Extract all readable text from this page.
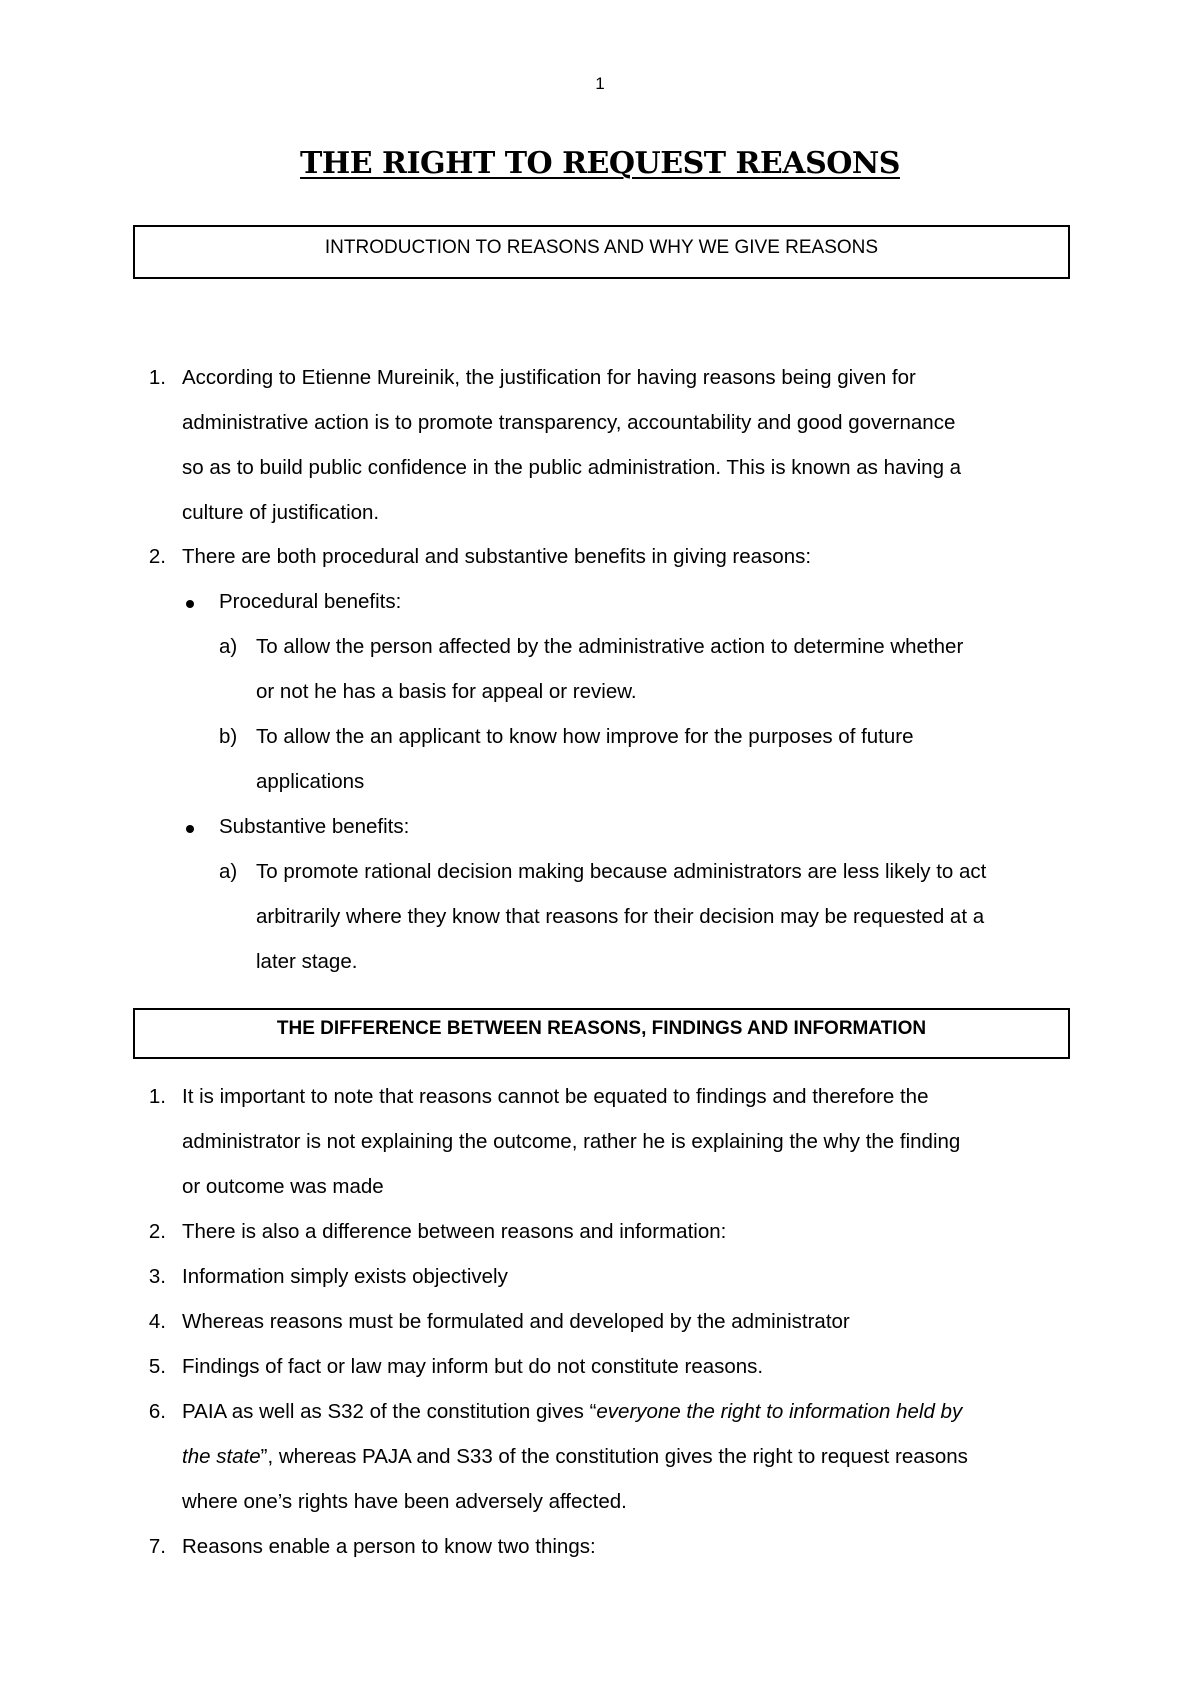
1
THE RIGHT TO REQUEST REASONS
INTRODUCTION TO REASONS AND WHY WE GIVE REASONS
1. According to Etienne Mureinik, the justification for having reasons being given for
administrative action is to promote transparency, accountability and good governance
so as to build public confidence in the public administration. This is known as having a
culture of justification.
2. There are both procedural and substantive benefits in giving reasons:
Procedural benefits:
a) To allow the person affected by the administrative action to determine whether
or not he has a basis for appeal or review.
b) To allow the an applicant to know how improve for the purposes of future
applications
Substantive benefits:
a) To promote rational decision making because administrators are less likely to act
arbitrarily where they know that reasons for their decision may be requested at a
later stage.
THE DIFFERENCE BETWEEN REASONS, FINDINGS AND INFORMATION
1. It is important to note that reasons cannot be equated to findings and therefore the
administrator is not explaining the outcome, rather he is explaining the why the finding
or outcome was made
2. There is also a difference between reasons and information:
3. Information simply exists objectively
4. Whereas reasons must be formulated and developed by the administrator
5. Findings of fact or law may inform but do not constitute reasons.
6. PAIA as well as S32 of the constitution gives “everyone the right to information held by
the state”, whereas PAJA and S33 of the constitution gives the right to request reasons
where one’s rights have been adversely affected.
7. Reasons enable a person to know two things:
